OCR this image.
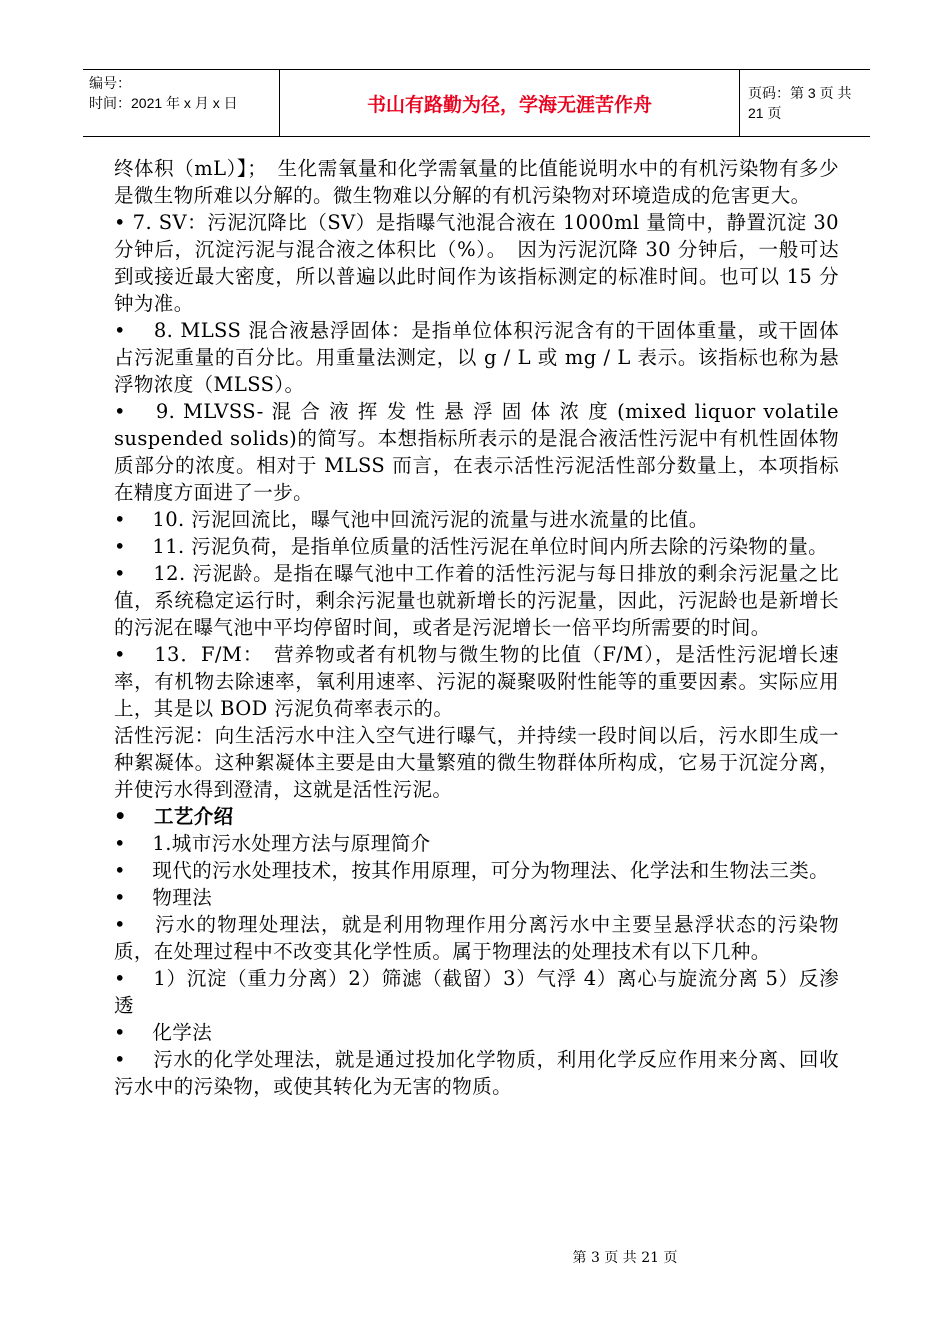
编号：
时间：2021 年 x 月 x 日	书山有路勤为径，学海无涯苦作舟
页码：第 3 页 共 21 页

终体积（mL）】；　生化需氧量和化学需氧量的比值能说明水中的有机污染物有多少是微生物所难以分解的。微生物难以分解的有机污染物对环境造成的危害更大。

• 7. SV：污泥沉降比（SV）是指曝气池混合液在 1000ml 量筒中，静置沉淀 30 分钟后，沉淀污泥与混合液之体积比（%）。　因为污泥沉降 30 分钟后，一般可达到或接近最大密度，所以普遍以此时间作为该指标测定的标准时间。也可以 15 分钟为准。

•　 8. MLSS 混合液悬浮固体：是指单位体积污泥含有的干固体重量，或干固体占污泥重量的百分比。用重量法测定，以 g / L 或 mg / L 表示。该指标也称为悬浮物浓度（MLSS）。

•　 9. MLVSS- 混 合 液 挥 发 性 悬 浮 固 体 浓 度 (mixed liquor volatile suspended solids)的简写。本想指标所表示的是混合液活性污泥中有机性固体物质部分的浓度。相对于 MLSS 而言，在表示活性污泥活性部分数量上，本项指标在精度方面进了一步。

•　 10. 污泥回流比，曝气池中回流污泥的流量与进水流量的比值。

•　 11. 污泥负荷，是指单位质量的活性污泥在单位时间内所去除的污染物的量。

•　 12. 污泥龄。是指在曝气池中工作着的活性污泥与每日排放的剩余污泥量之比值，系统稳定运行时，剩余污泥量也就新增长的污泥量，因此，污泥龄也是新增长的污泥在曝气池中平均停留时间，或者是污泥增长一倍平均所需要的时间。

•　 13．F/M：　营养物或者有机物与微生物的比值（F/M），是活性污泥增长速率，有机物去除速率，氧利用速率、污泥的凝聚吸附性能等的重要因素。实际应用上，其是以 BOD 污泥负荷率表示的。

活性污泥：向生活污水中注入空气进行曝气，并持续一段时间以后，污水即生成一种絮凝体。这种絮凝体主要是由大量繁殖的微生物群体所构成，它易于沉淀分离，并使污水得到澄清，这就是活性污泥。

•　 工艺介绍

•　 1.城市污水处理方法与原理简介

•　 现代的污水处理技术，按其作用原理，可分为物理法、化学法和生物法三类。

•　 物理法

•　 污水的物理处理法，就是利用物理作用分离污水中主要呈悬浮状态的污染物质，在处理过程中不改变其化学性质。属于物理法的处理技术有以下几种。

•　 1）沉淀（重力分离）2）筛滤（截留）3）气浮 4）离心与旋流分离 5）反渗透

•　 化学法

•　 污水的化学处理法，就是通过投加化学物质，利用化学反应作用来分离、回收污水中的污染物，或使其转化为无害的物质。

第 3 页 共 21 页
